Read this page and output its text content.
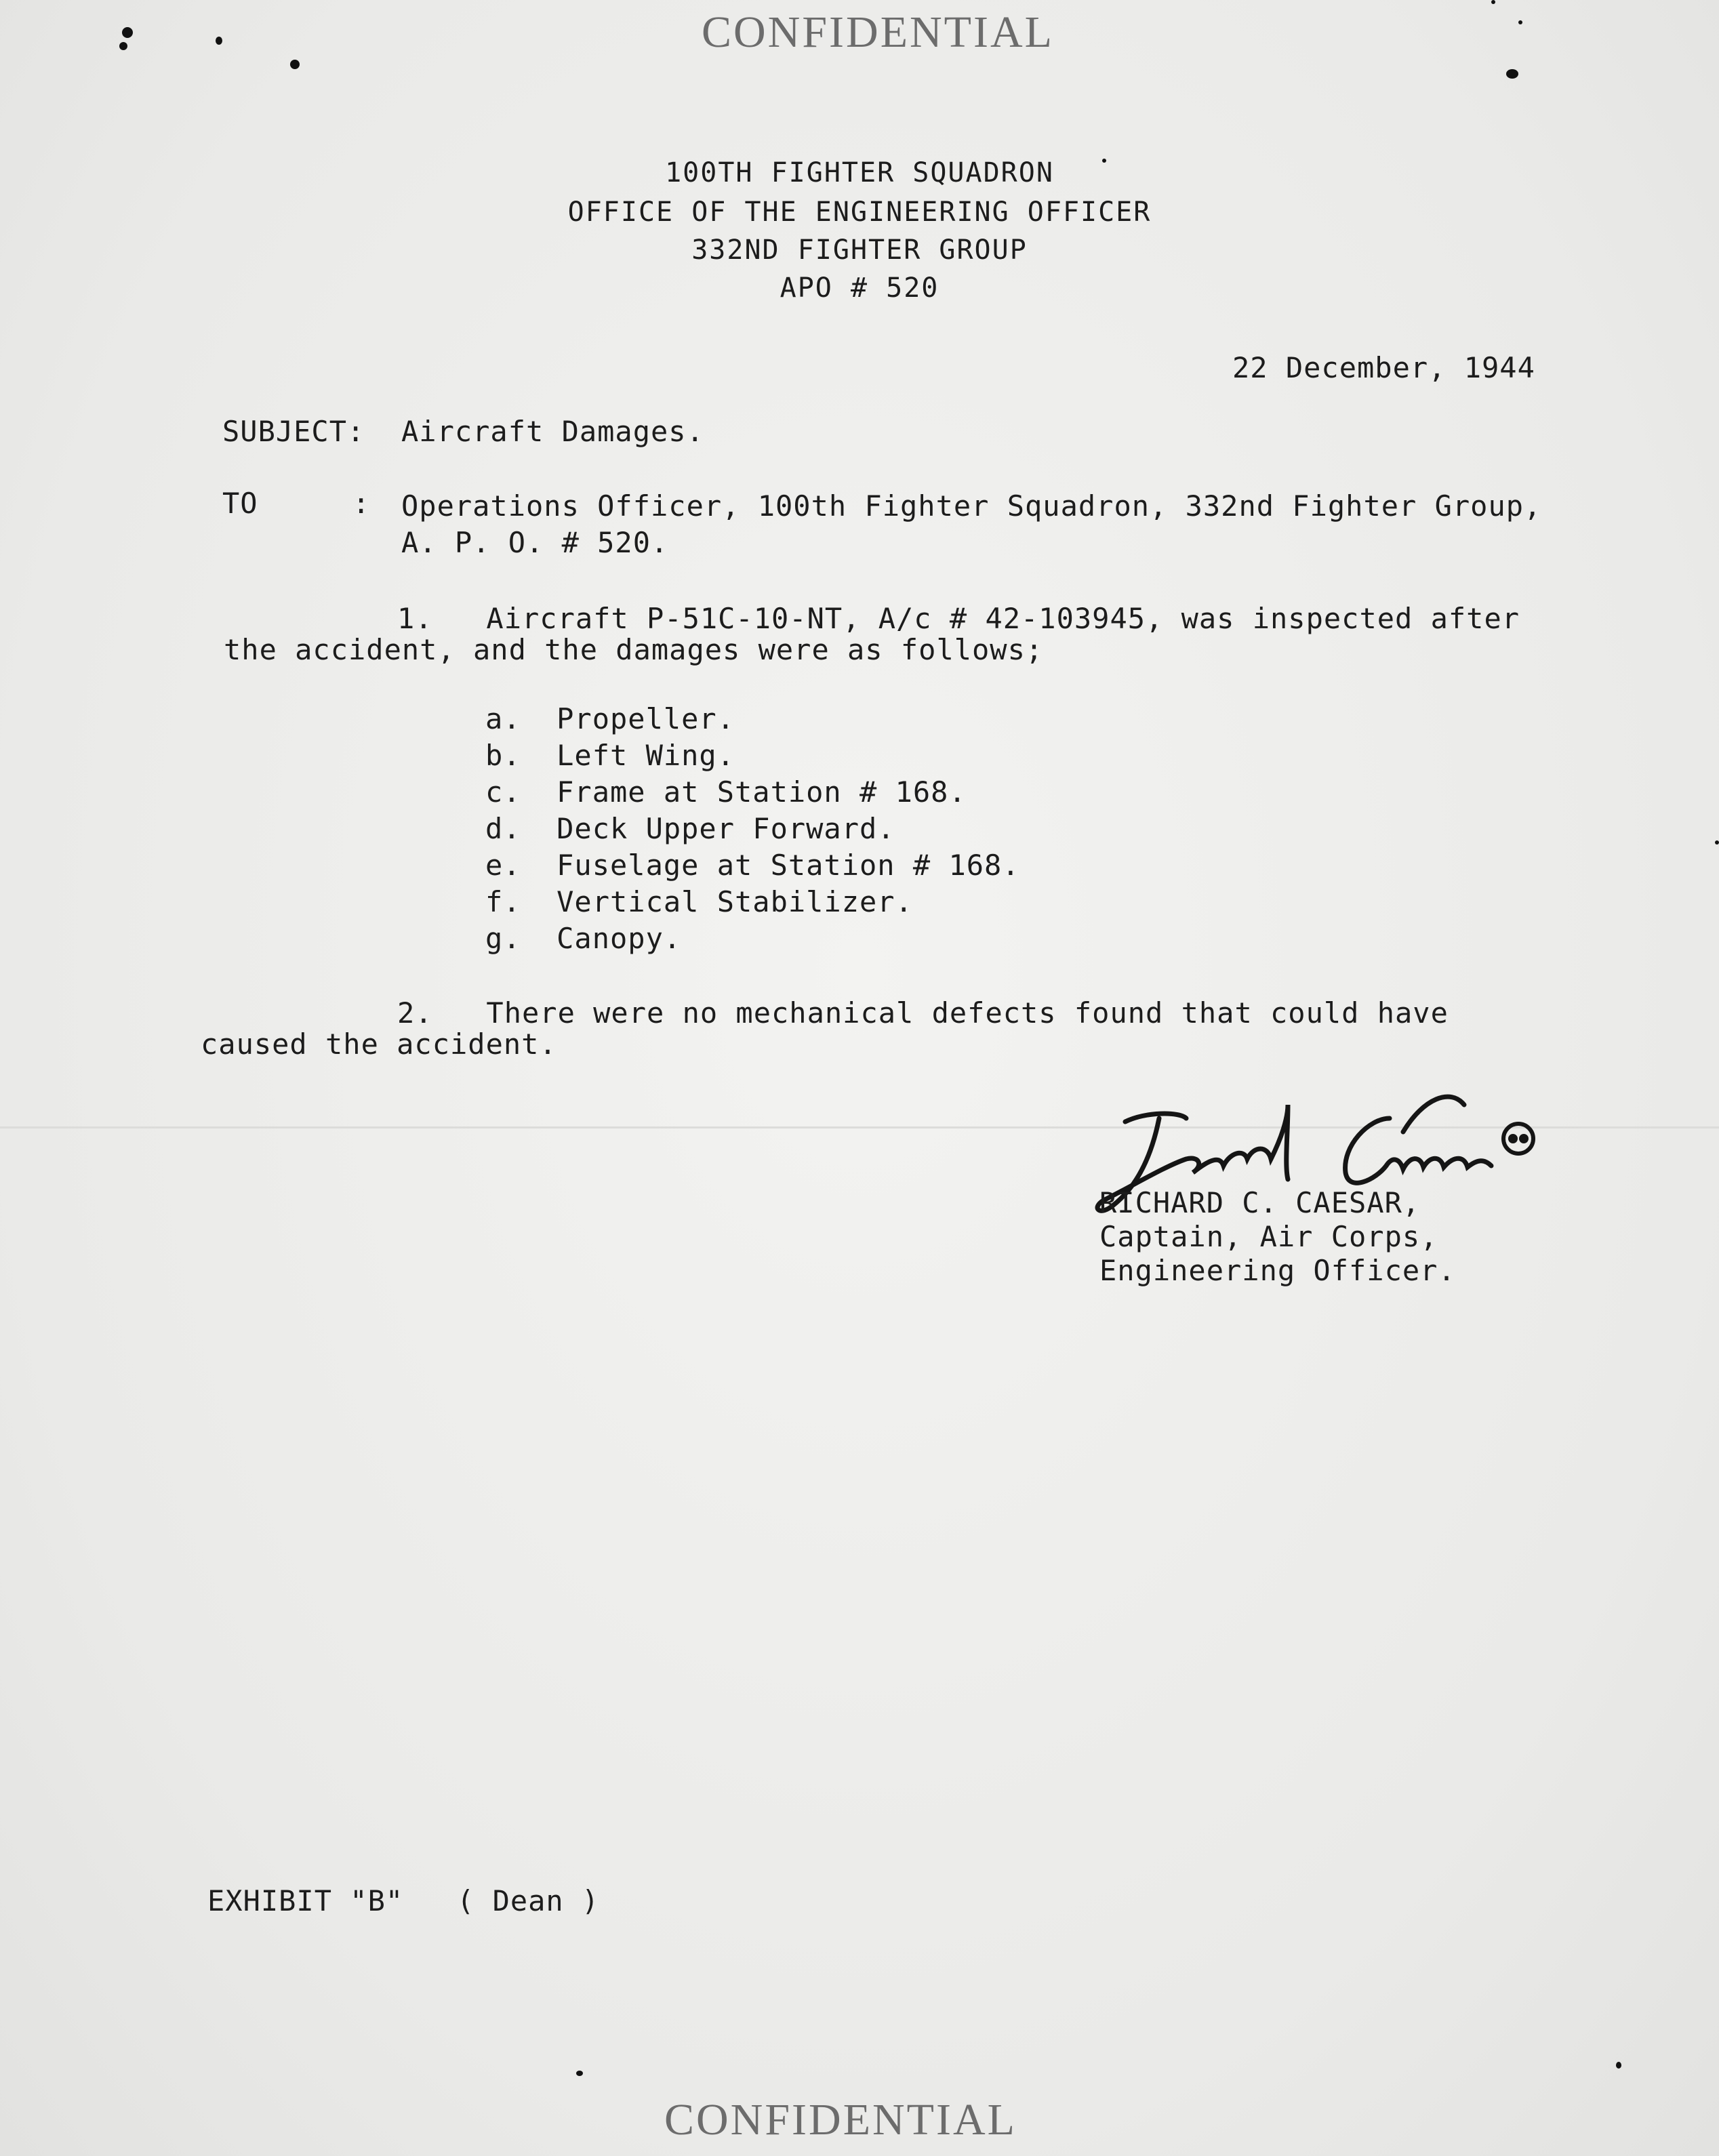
CONFIDENTIAL
100TH FIGHTER SQUADRON
OFFICE OF THE ENGINEERING OFFICER
332ND FIGHTER GROUP
APO # 520
22 December, 1944
SUBJECT: Aircraft Damages.
TO	: Operations Officer, 100th Fighter Squadron, 332nd Fighter Group,
A. P. O. # 520.
1.   Aircraft P-51C-10-NT, A/c # 42-103945, was inspected after
the accident, and the damages were as follows;
a.  Propeller.
b.  Left Wing.
c.  Frame at Station # 168.
d.  Deck Upper Forward.
e.  Fuselage at Station # 168.
f.  Vertical Stabilizer.
g.  Canopy.
2.   There were no mechanical defects found that could have
caused the accident.
RICHARD C. CAESAR,
Captain, Air Corps,
Engineering Officer.
EXHIBIT "B"   ( Dean )
CONFIDENTIAL
